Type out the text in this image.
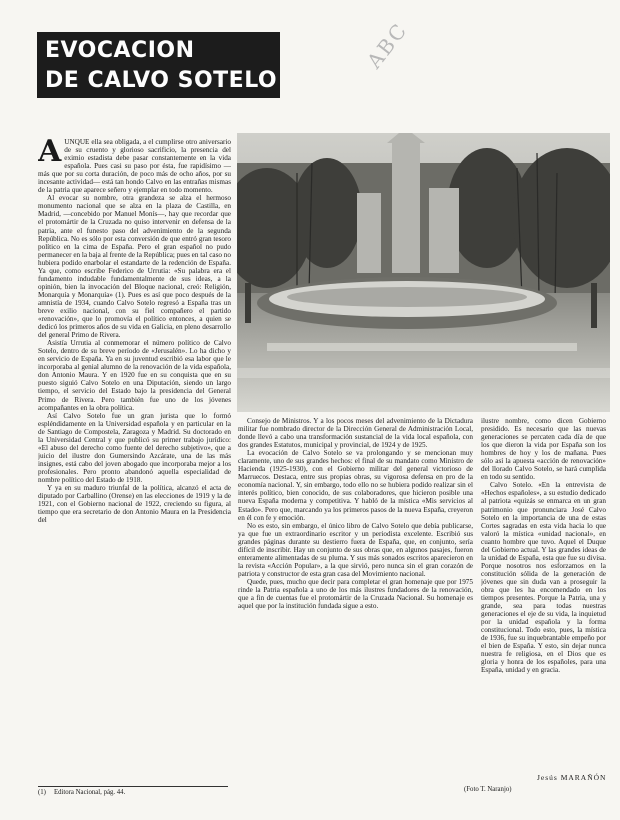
EVOCACION
DE CALVO SOTELO
ABC

AUNQUE ella sea obligada, a el cumplirse otro aniversario de su cruento y glorioso sacrificio, la presencia del eximio estadista debe pasar constantemente en la vida española. Pues casi su paso por ésta, fue rapidísimo —más que por su corta duración, de poco más de ocho años, por su incesante actividad— está tan hondo Calvo en las entrañas mismas de la patria que aparece señero y ejemplar en todo momento.

Al evocar su nombre, otra grandeza se alza el hermoso monumento nacional que se alza en la plaza de Castilla, en Madrid, —concebido por Manuel Monís—, hay que recordar que el protomártir de la Cruzada no quiso intervenir en defensa de la patria, ante el funesto paso del advenimiento de la segunda República. No es sólo por esta conversión de que entró gran tesoro político en la cima de España. Pero el gran español no pudo permanecer en la baja al frente de la República; pues en tal caso no hubiera podido enarbolar el estandarte de la redención de España. Ya que, como escribe Federico de Urrutia: «Su palabra era el fundamento indudable fundamentalmente de sus ideas, a la opinión, bien la invocación del Bloque nacional, creó: Religión, Monarquía y Monarquía» (1). Pues es así que poco después de la amnistía de 1934, cuando Calvo Sotelo regresó a España tras un breve exilio nacional, con su fiel compañero el partido «renovación», que lo promovía el político entonces, a quien se dedicó los primeros años de su vida en Galicia, en pleno desarrollo del general Primo de Rivera.

Asistía Urrutia al conmemorar el número político de Calvo Sotelo, dentro de su breve período de «Jerusalén». Lo ha dicho y en servicio de España. Ya en su juventud escribió esa labor que le incorporaba al genial alumno de la renovación de la vida española, don Antonio Maura. Y en 1920 fue en su conquista que en su puesto siguió Calvo Sotelo en una Diputación, siendo un largo tiempo, el servicio del Estado bajo la presidencia del General Primo de Rivera. Pero también fue uno de los jóvenes acompañantes en la obra política.

Así Calvo Sotelo fue un gran jurista que lo formó espléndidamente en la Universidad española y en particular en la de Santiago de Compostela, Zaragoza y Madrid. Su doctorado en la Universidad Central y que publicó su primer trabajo jurídico: «El abuso del derecho como fuente del derecho subjetivo», que a juicio del ilustre don Gumersindo Azcárate, una de las más insignes, está cabo del joven abogado que incorporaba mejor a los profesionales. Pero pronto abandonó aquella especialidad de nombre político del Estado de 1918.

Y ya en su maduro triunfal de la política, alcanzó el acta de diputado por Carballino (Orense) en las elecciones de 1919 y la de 1921, con el Gobierno nacional de 1922, creciendo su figura, al tiempo que era secretario de don Antonio Maura en la Presidencia del

Consejo de Ministros. Y a los pocos meses del advenimiento de la Dictadura militar fue nombrado director de la Dirección General de Administración Local, donde llevó a cabo una transformación sustancial de la vida local española, con dos grandes Estatutos, municipal y provincial, de 1924 y de 1925.

La evocación de Calvo Sotelo se va prolongando y se mencionan muy claramente, uno de sus grandes hechos: el final de su mandato como Ministro de Hacienda (1925-1930), con el Gobierno militar del general victorioso de Marruecos. Destaca, entre sus propias obras, su vigorosa defensa en pro de la economía nacional. Y, sin embargo, todo ello no se hubiera podido realizar sin el interés político, bien conocido, de sus colaboradores, que hicieron posible una nueva España moderna y competitiva. Y habló de la mística «Mis servicios al Estado». Pero que, marcando ya los primeros pasos de la nueva España, creyeron en él con fe y emoción.

No es esto, sin embargo, el único libro de Calvo Sotelo que debía publicarse, ya que fue un extraordinario escritor y un periodista excelente. Escribió sus grandes páginas durante su destierro fuera de España, que, en conjunto, sería difícil de inscribir. Hay un conjunto de sus obras que, en algunos pasajes, fueron enteramente alimentadas de su pluma. Y sus más sonados escritos aparecieron en la revista «Acción Popular», a la que sirvió, pero nunca sin el gran corazón de patriota y constructor de esta gran casa del Movimiento nacional.

Quede, pues, mucho que decir para completar el gran homenaje que por 1975 rinde la Patria española a uno de los más ilustres fundadores de la renovación, que a fin de cuentas fue el protomártir de la Cruzada Nacional. Su homenaje es aquel que por la institución fundada sigue a esto.

ilustre nombre, como dicen Gobierno presidido. Es necesario que las nuevas generaciones se percaten cada día de que los que dieron la vida por España son los hombres de hoy y los de mañana. Pues sólo así la apuesta «acción de renovación» del llorado Calvo Sotelo, se hará cumplida en todo su sentido.

Calvo Sotelo. «En la entrevista de «Hechos españoles», a su estudio dedicado al patriota «quizás se enmarca en un gran patrimonio que pronunciara José Calvo Sotelo en la importancia de una de estas Cortes sagradas en esta vida hacia lo que valoró la mística «unidad nacional», en cuanto hombre que tuvo. Aquel el Duque del Gobierno actual. Y las grandes ideas de la unidad de España, esta que fue su divisa. Porque nosotros nos esforzamos en la constitución sólida de la generación de jóvenes que sin duda van a proseguir la obra que les ha encomendado en los tiempos presentes. Porque la Patria, una y grande, sea para todas nuestras generaciones el eje de su vida, la inquietud por la unidad española y la forma constitucional. Todo esto, pues, la mística de 1936, fue su inquebrantable empeño por el bien de España. Y esto, sin dejar nunca nuestra fe religiosa, en el Dios que es gloria y honra de los españoles, para una España, unidad y en gracia.

Jesús MARAÑÓN
(Foto T. Naranjo)
(1) Editora Nacional, pág. 44.
